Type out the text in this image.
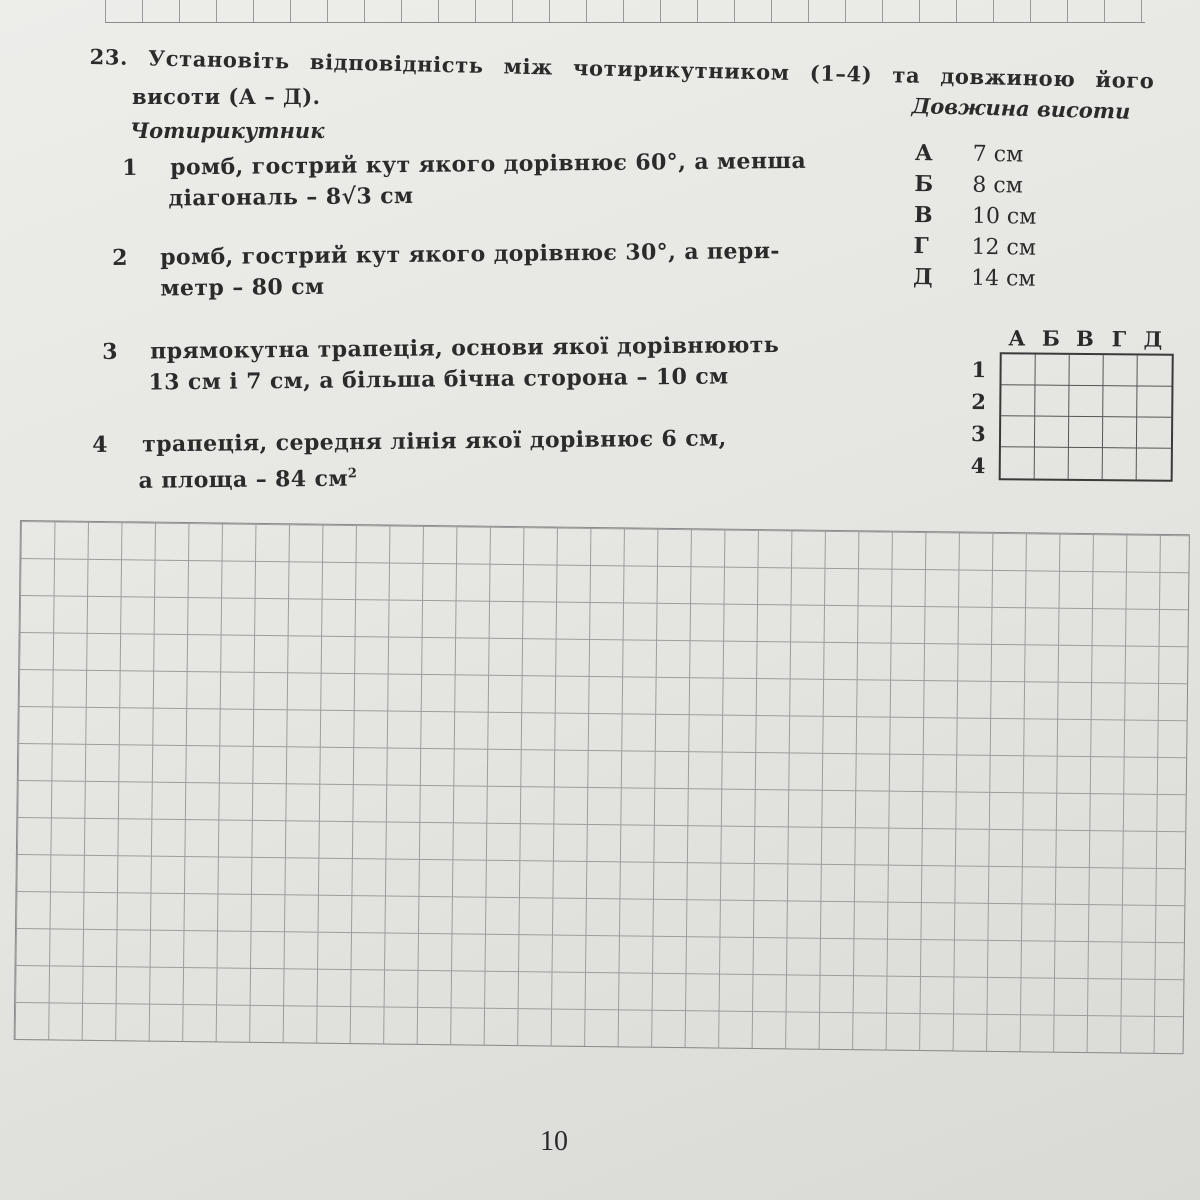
23. Установіть відповідність між чотирикутником (1–4) та довжиною його
висоти (А – Д).
Чотирикутник
Довжина висоти
1 ромб, гострий кут якого дорівнює 60°, а менша
діагональ – 8√3 см
2 ромб, гострий кут якого дорівнює 30°, а пери-
метр – 80 см
3 прямокутна трапеція, основи якої дорівнюють
13 см і 7 см, а більша бічна сторона – 10 см
4 трапеція, середня лінія якої дорівнює 6 см,
а площа – 84 $см^2$
А 7 см
Б 8 см
В 10 см
Г 12 см
Д 14 см
А Б В Г Д
1
2
3
4
10
